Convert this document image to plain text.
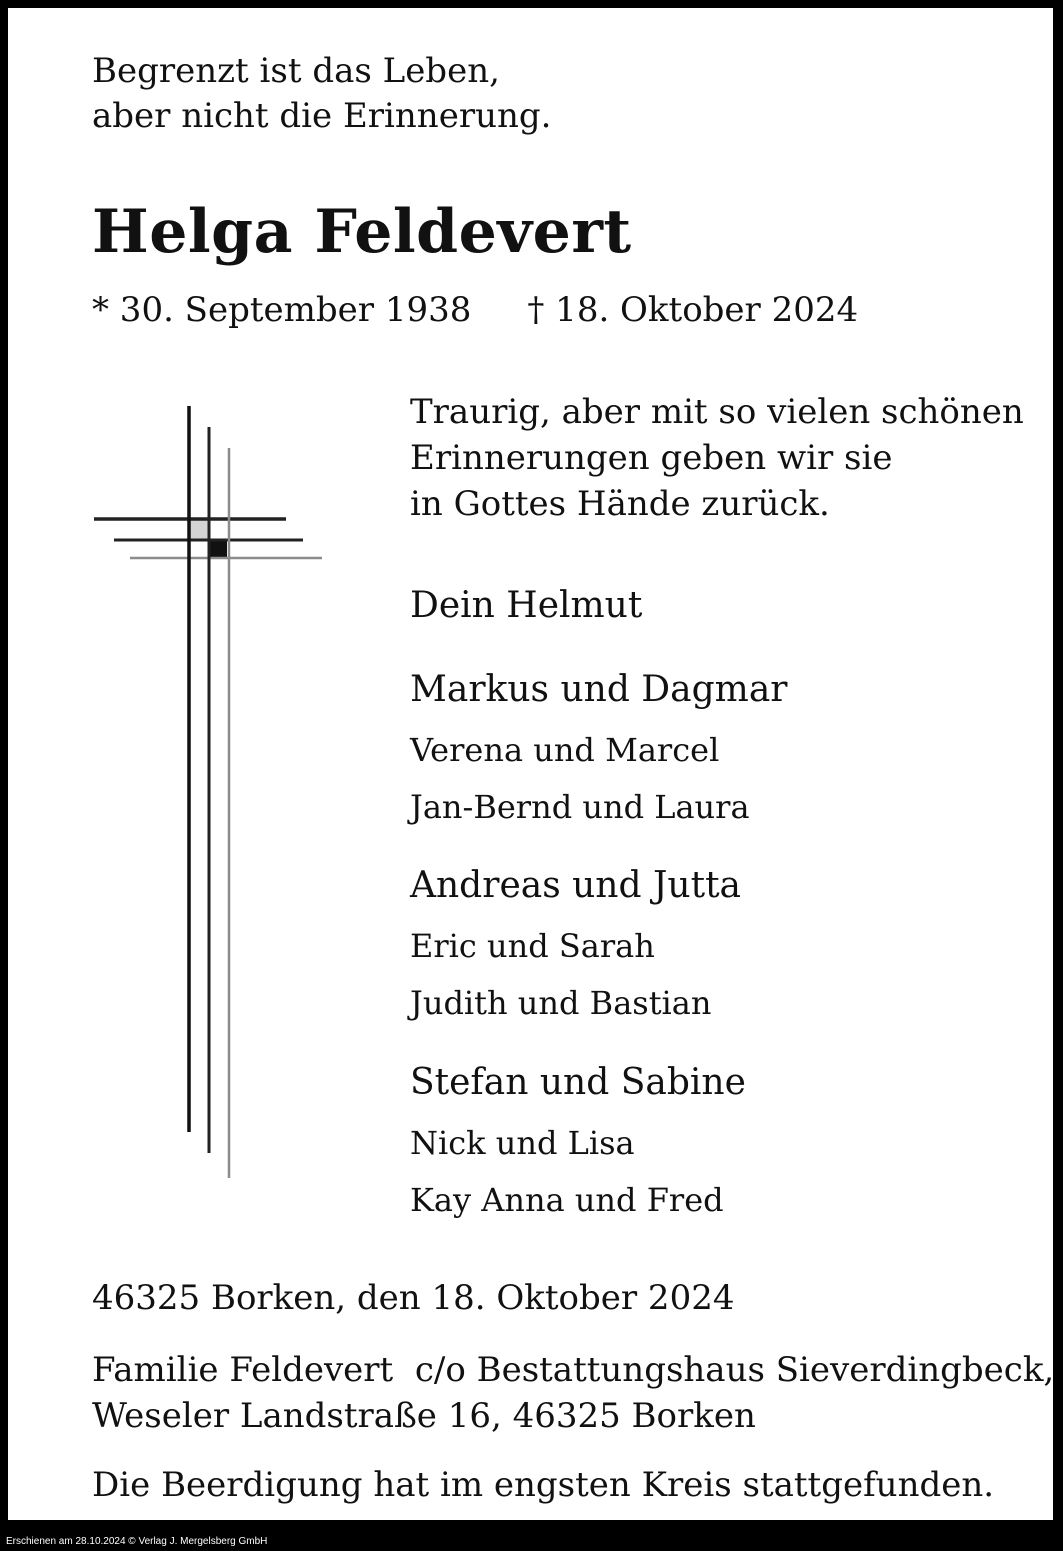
Begrenzt ist das Leben,
aber nicht die Erinnerung.

Helga Feldevert

* 30. September 1938 † 18. Oktober 2024

Traurig, aber mit so vielen schönen
Erinnerungen geben wir sie
in Gottes Hände zurück.

Dein Helmut

Markus und Dagmar

Verena und Marcel

Jan-Bernd und Laura

Andreas und Jutta

Eric und Sarah

Judith und Bastian

Stefan und Sabine

Nick und Lisa

Kay Anna und Fred

46325 Borken, den 18. Oktober 2024

Familie Feldevert  c/o Bestattungshaus Sieverdingbeck,
Weseler Landstraße 16, 46325 Borken

Die Beerdigung hat im engsten Kreis stattgefunden.

Erschienen am 28.10.2024 © Verlag J. Mergelsberg GmbH
